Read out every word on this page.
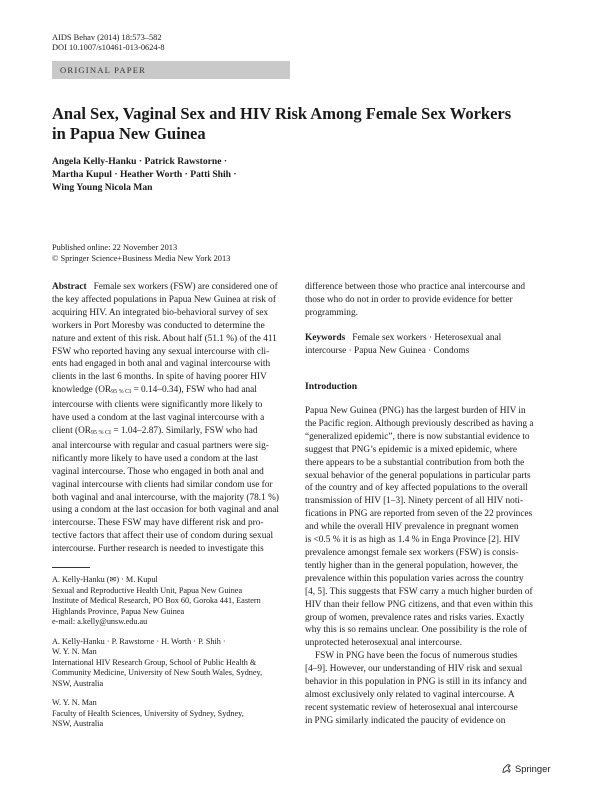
AIDS Behav (2014) 18:573–582
DOI 10.1007/s10461-013-0624-8
ORIGINAL PAPER
Anal Sex, Vaginal Sex and HIV Risk Among Female Sex Workers
in Papua New Guinea
Angela Kelly-Hanku · Patrick Rawstorne ·
Martha Kupul · Heather Worth · Patti Shih ·
Wing Young Nicola Man
Published online: 22 November 2013
© Springer Science+Business Media New York 2013
Abstract Female sex workers (FSW) are considered one of
the key affected populations in Papua New Guinea at risk of
acquiring HIV. An integrated bio-behavioral survey of sex
workers in Port Moresby was conducted to determine the
nature and extent of this risk. About half (51.1 %) of the 411
FSW who reported having any sexual intercourse with cli-
ents had engaged in both anal and vaginal intercourse with
clients in the last 6 months. In spite of having poorer HIV
knowledge (OR95 % CI = 0.14–0.34), FSW who had anal
intercourse with clients were significantly more likely to
have used a condom at the last vaginal intercourse with a
client (OR95 % CI = 1.04–2.87). Similarly, FSW who had
anal intercourse with regular and casual partners were sig-
nificantly more likely to have used a condom at the last
vaginal intercourse. Those who engaged in both anal and
vaginal intercourse with clients had similar condom use for
both vaginal and anal intercourse, with the majority (78.1 %)
using a condom at the last occasion for both vaginal and anal
intercourse. These FSW may have different risk and pro-
tective factors that affect their use of condom during sexual
intercourse. Further research is needed to investigate this
A. Kelly-Hanku (✉) · M. Kupul
Sexual and Reproductive Health Unit, Papua New Guinea
Institute of Medical Research, PO Box 60, Goroka 441, Eastern
Highlands Province, Papua New Guinea
e-mail: a.kelly@unsw.edu.au
A. Kelly-Hanku · P. Rawstorne · H. Worth · P. Shih ·
W. Y. N. Man
International HIV Research Group, School of Public Health &
Community Medicine, University of New South Wales, Sydney,
NSW, Australia
W. Y. N. Man
Faculty of Health Sciences, University of Sydney, Sydney,
NSW, Australia
difference between those who practice anal intercourse and
those who do not in order to provide evidence for better
programming.
Keywords Female sex workers · Heterosexual anal
intercourse · Papua New Guinea · Condoms
Introduction
Papua New Guinea (PNG) has the largest burden of HIV in
the Pacific region. Although previously described as having a
“generalized epidemic”, there is now substantial evidence to
suggest that PNG’s epidemic is a mixed epidemic, where
there appears to be a substantial contribution from both the
sexual behavior of the general populations in particular parts
of the country and of key affected populations to the overall
transmission of HIV [1–3]. Ninety percent of all HIV noti-
fications in PNG are reported from seven of the 22 provinces
and while the overall HIV prevalence in pregnant women
is <0.5 % it is as high as 1.4 % in Enga Province [2]. HIV
prevalence amongst female sex workers (FSW) is consis-
tently higher than in the general population, however, the
prevalence within this population varies across the country
[4, 5]. This suggests that FSW carry a much higher burden of
HIV than their fellow PNG citizens, and that even within this
group of women, prevalence rates and risks varies. Exactly
why this is so remains unclear. One possibility is the role of
unprotected heterosexual anal intercourse.
FSW in PNG have been the focus of numerous studies
[4–9]. However, our understanding of HIV risk and sexual
behavior in this population in PNG is still in its infancy and
almost exclusively only related to vaginal intercourse. A
recent systematic review of heterosexual anal intercourse
in PNG similarly indicated the paucity of evidence on
Springer
